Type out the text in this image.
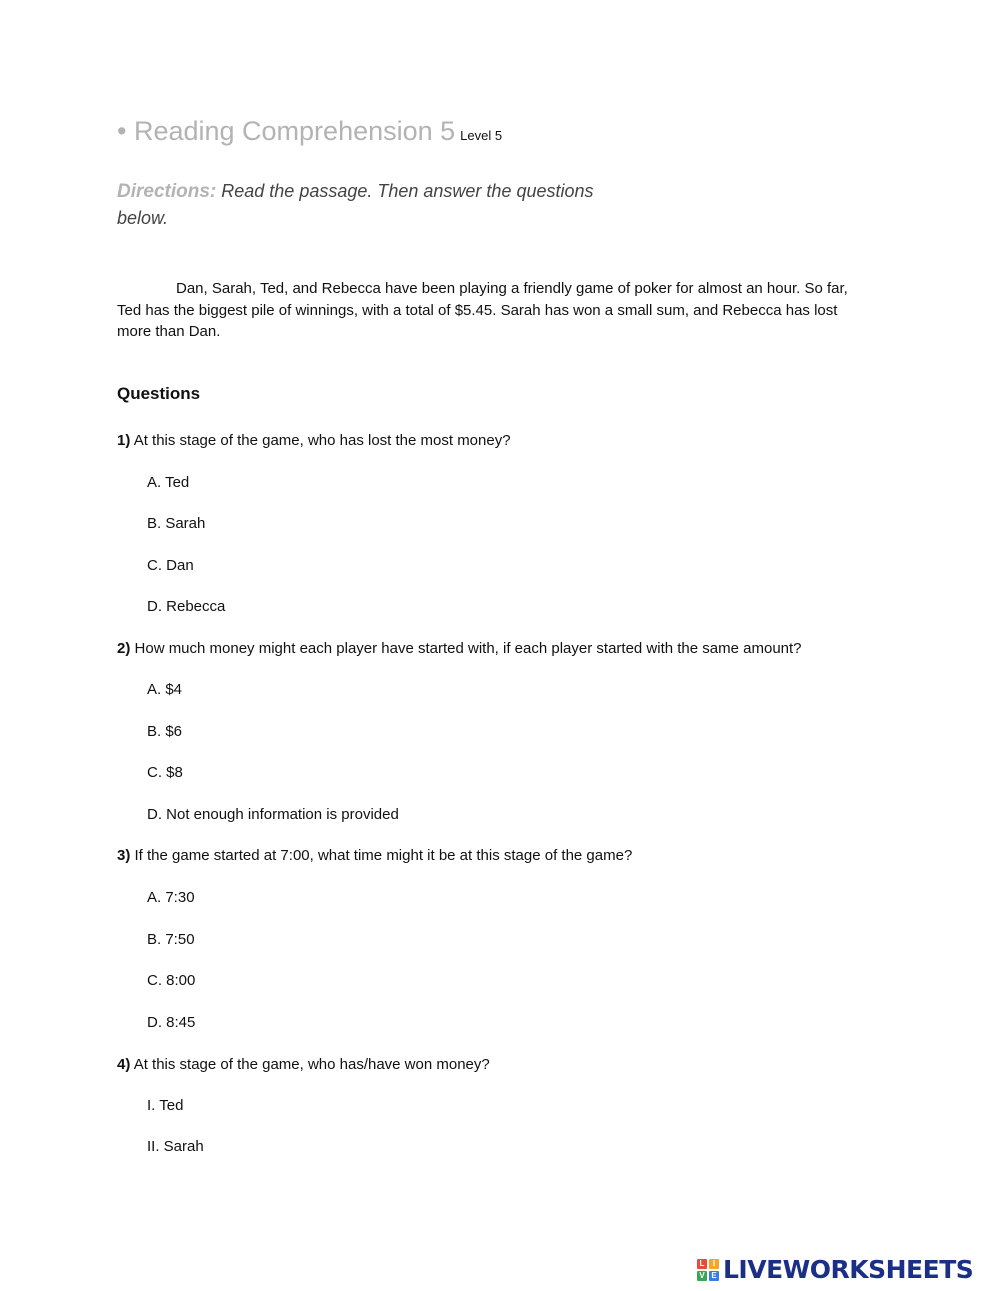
• Reading Comprehension 5 Level 5
Directions: Read the passage. Then answer the questions below.
Dan, Sarah, Ted, and Rebecca have been playing a friendly game of poker for almost an hour. So far, Ted has the biggest pile of winnings, with a total of $5.45. Sarah has won a small sum, and Rebecca has lost more than Dan.
Questions
1) At this stage of the game, who has lost the most money?
A. Ted
B. Sarah
C. Dan
D. Rebecca
2) How much money might each player have started with, if each player started with the same amount?
A. $4
B. $6
C. $8
D. Not enough information is provided
3) If the game started at 7:00, what time might it be at this stage of the game?
A. 7:30
B. 7:50
C. 8:00
D. 8:45
4) At this stage of the game, who has/have won money?
I. Ted
II. Sarah
L	I
V E LIVEWORKSHEETS
